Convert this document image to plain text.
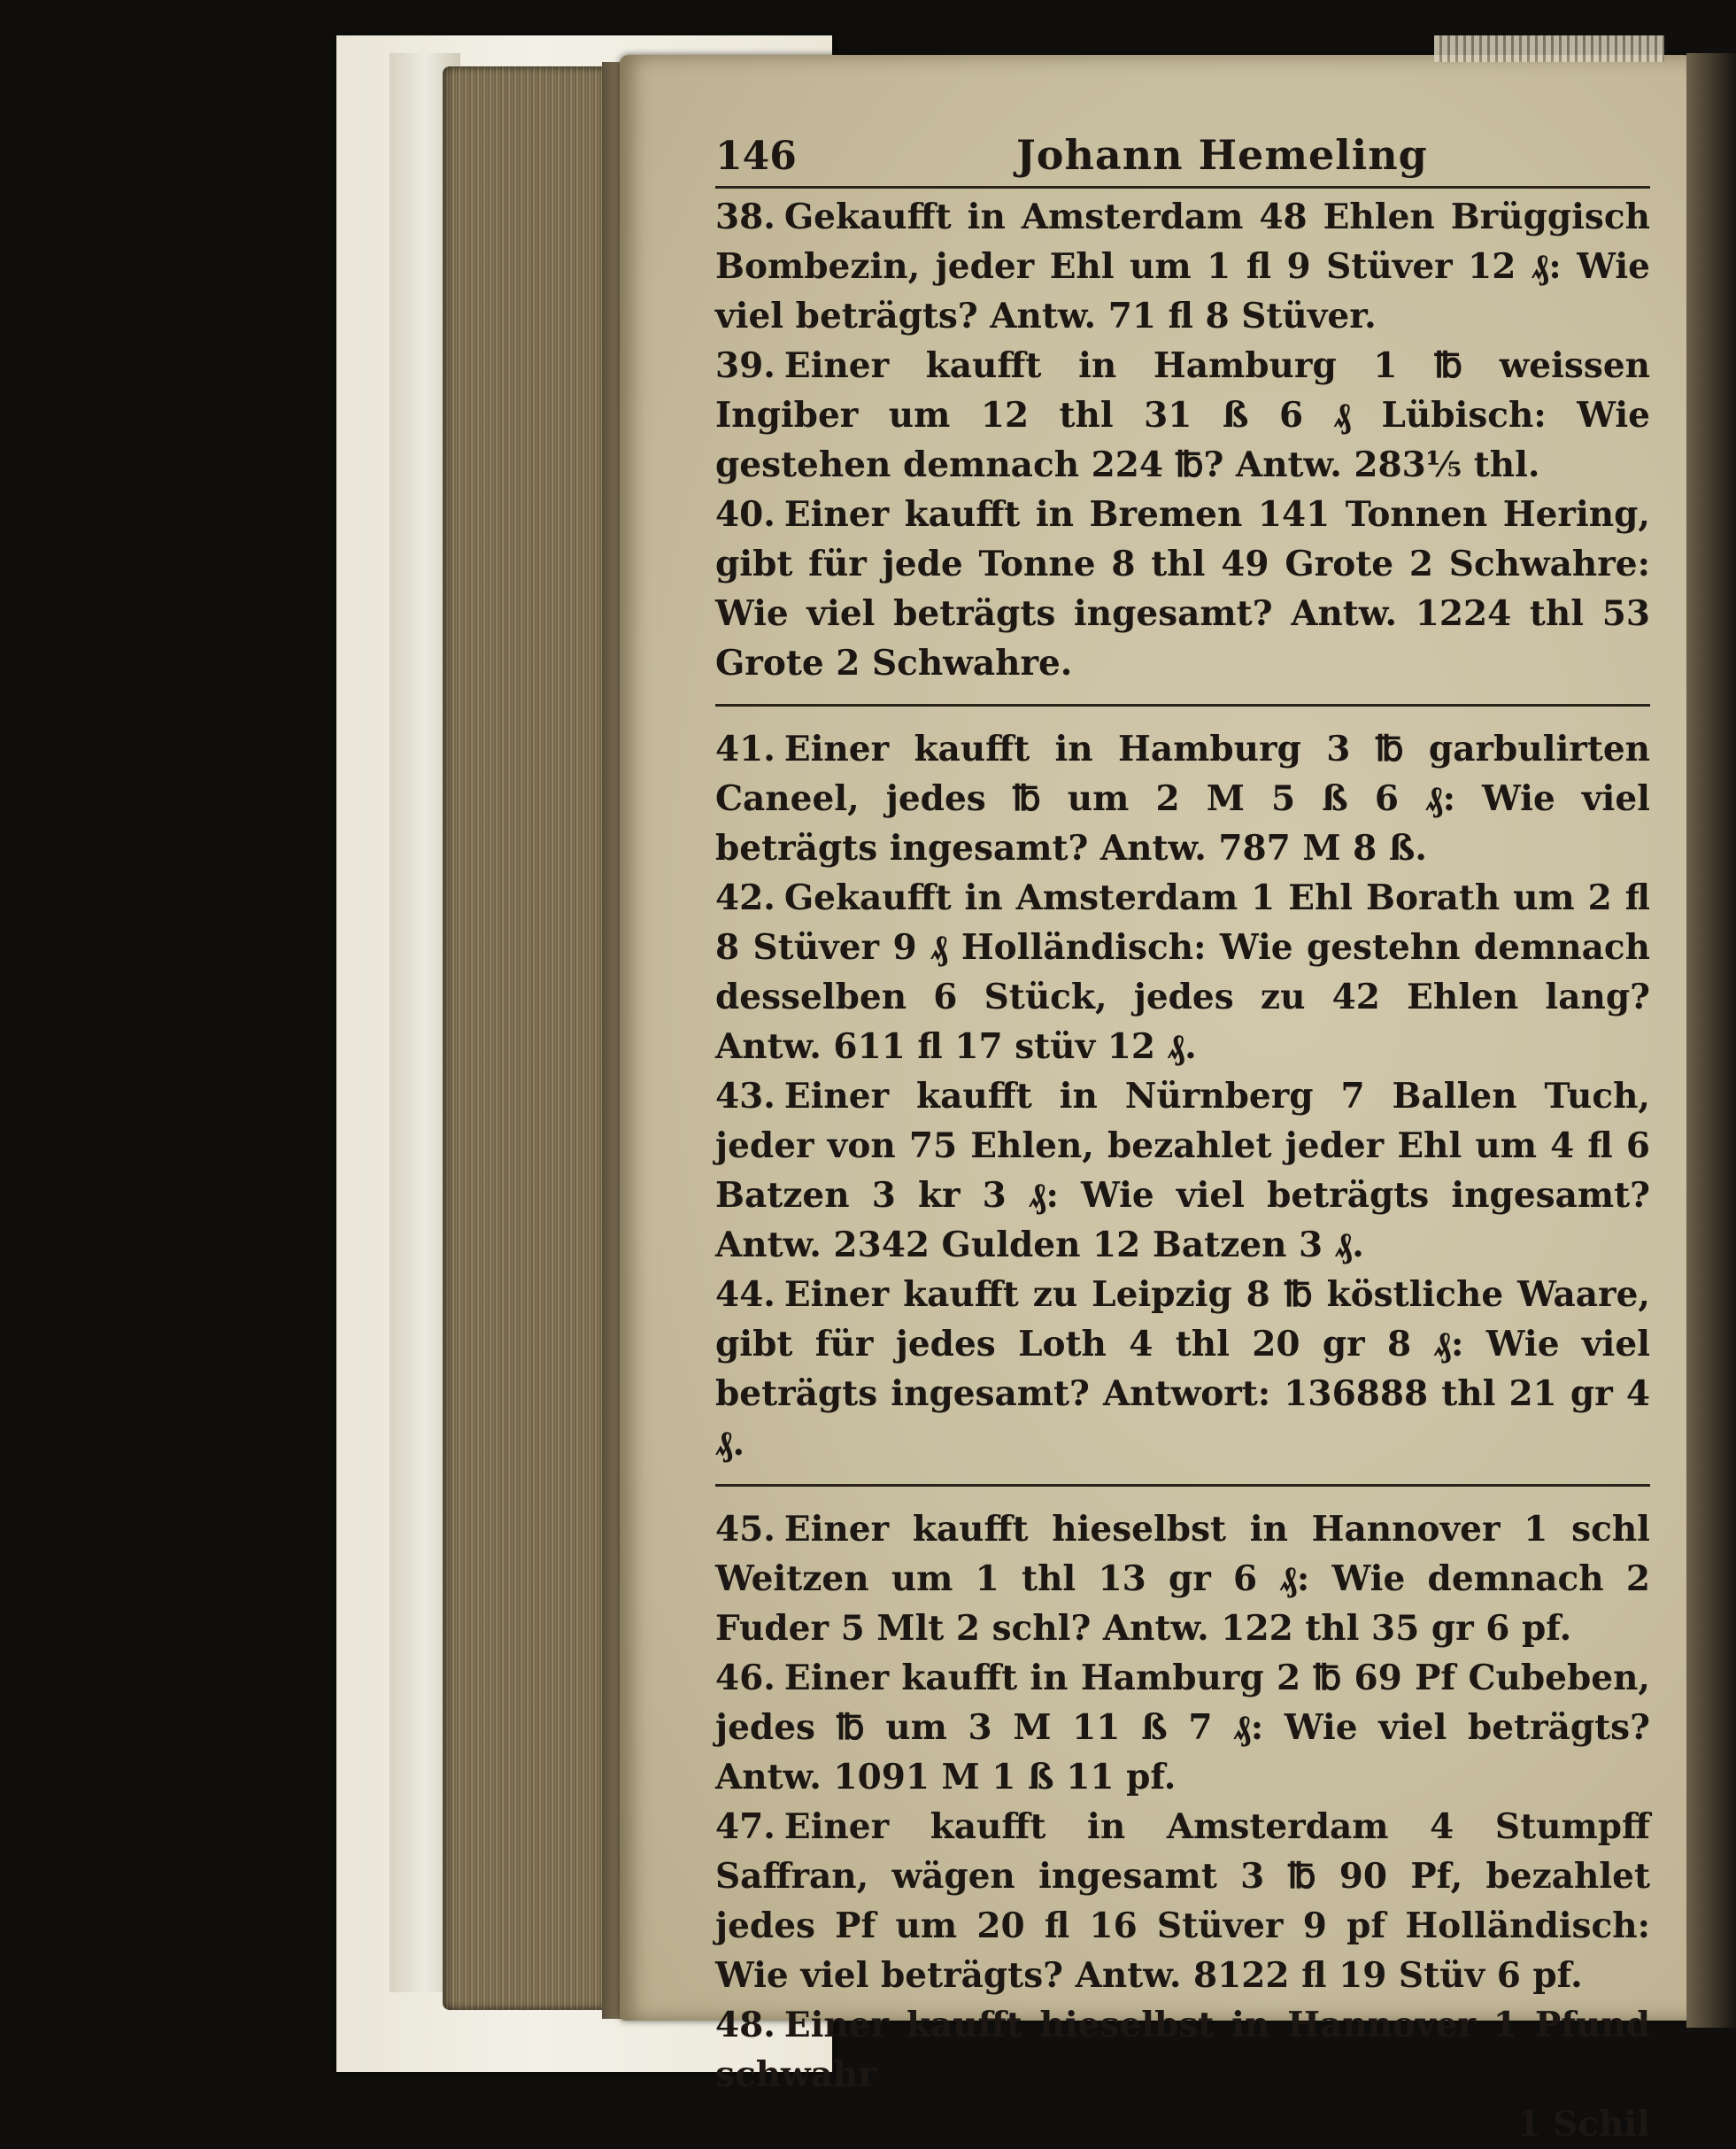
146	Johann Hemeling

38. Gekaufft in Amsterdam 48 Ehlen Brüggisch Bombezin, jeder Ehl um 1 fl 9 Stüver 12 ₰: Wie viel beträgts? Antw. 71 fl 8 Stüver.

39. Einer kaufft in Hamburg 1 ℔ weissen Ingiber um 12 thl 31 ß 6 ₰ Lübisch: Wie gestehen demnach 224 ℔? Antw. 283⅕ thl.

40. Einer kaufft in Bremen 141 Tonnen Hering, gibt für jede Tonne 8 thl 49 Grote 2 Schwahre: Wie viel beträgts ingesamt? Antw. 1224 thl 53 Grote 2 Schwahre.

41. Einer kaufft in Hamburg 3 ℔ garbulirten Caneel, jedes ℔ um 2 M 5 ß 6 ₰: Wie viel beträgts ingesamt? Antw. 787 M 8 ß.

42. Gekaufft in Amsterdam 1 Ehl Borath um 2 fl 8 Stüver 9 ₰ Holländisch: Wie gestehn demnach desselben 6 Stück, jedes zu 42 Ehlen lang? Antw. 611 fl 17 stüv 12 ₰.

43. Einer kaufft in Nürnberg 7 Ballen Tuch, jeder von 75 Ehlen, bezahlet jeder Ehl um 4 fl 6 Batzen 3 kr 3 ₰: Wie viel beträgts ingesamt? Antw. 2342 Gulden 12 Batzen 3 ₰.

44. Einer kaufft zu Leipzig 8 ℔ köstliche Waare, gibt für jedes Loth 4 thl 20 gr 8 ₰: Wie viel beträgts ingesamt? Antwort: 136888 thl 21 gr 4 ₰.

45. Einer kaufft hieselbst in Hannover 1 schl Weitzen um 1 thl 13 gr 6 ₰: Wie demnach 2 Fuder 5 Mlt 2 schl? Antw. 122 thl 35 gr 6 pf.

46. Einer kaufft in Hamburg 2 ℔ 69 Pf Cubeben, jedes ℔ um 3 M 11 ß 7 ₰: Wie viel beträgts? Antw. 1091 M 1 ß 11 pf.

47. Einer kaufft in Amsterdam 4 Stumpff Saffran, wägen ingesamt 3 ℔ 90 Pf, bezahlet jedes Pf um 20 fl 16 Stüver 9 pf Holländisch: Wie viel beträgts? Antw. 8122 fl 19 Stüv 6 pf.

48. Einer kaufft hieselbst in Hannover 1 Pfund schwahr

1 Schil
